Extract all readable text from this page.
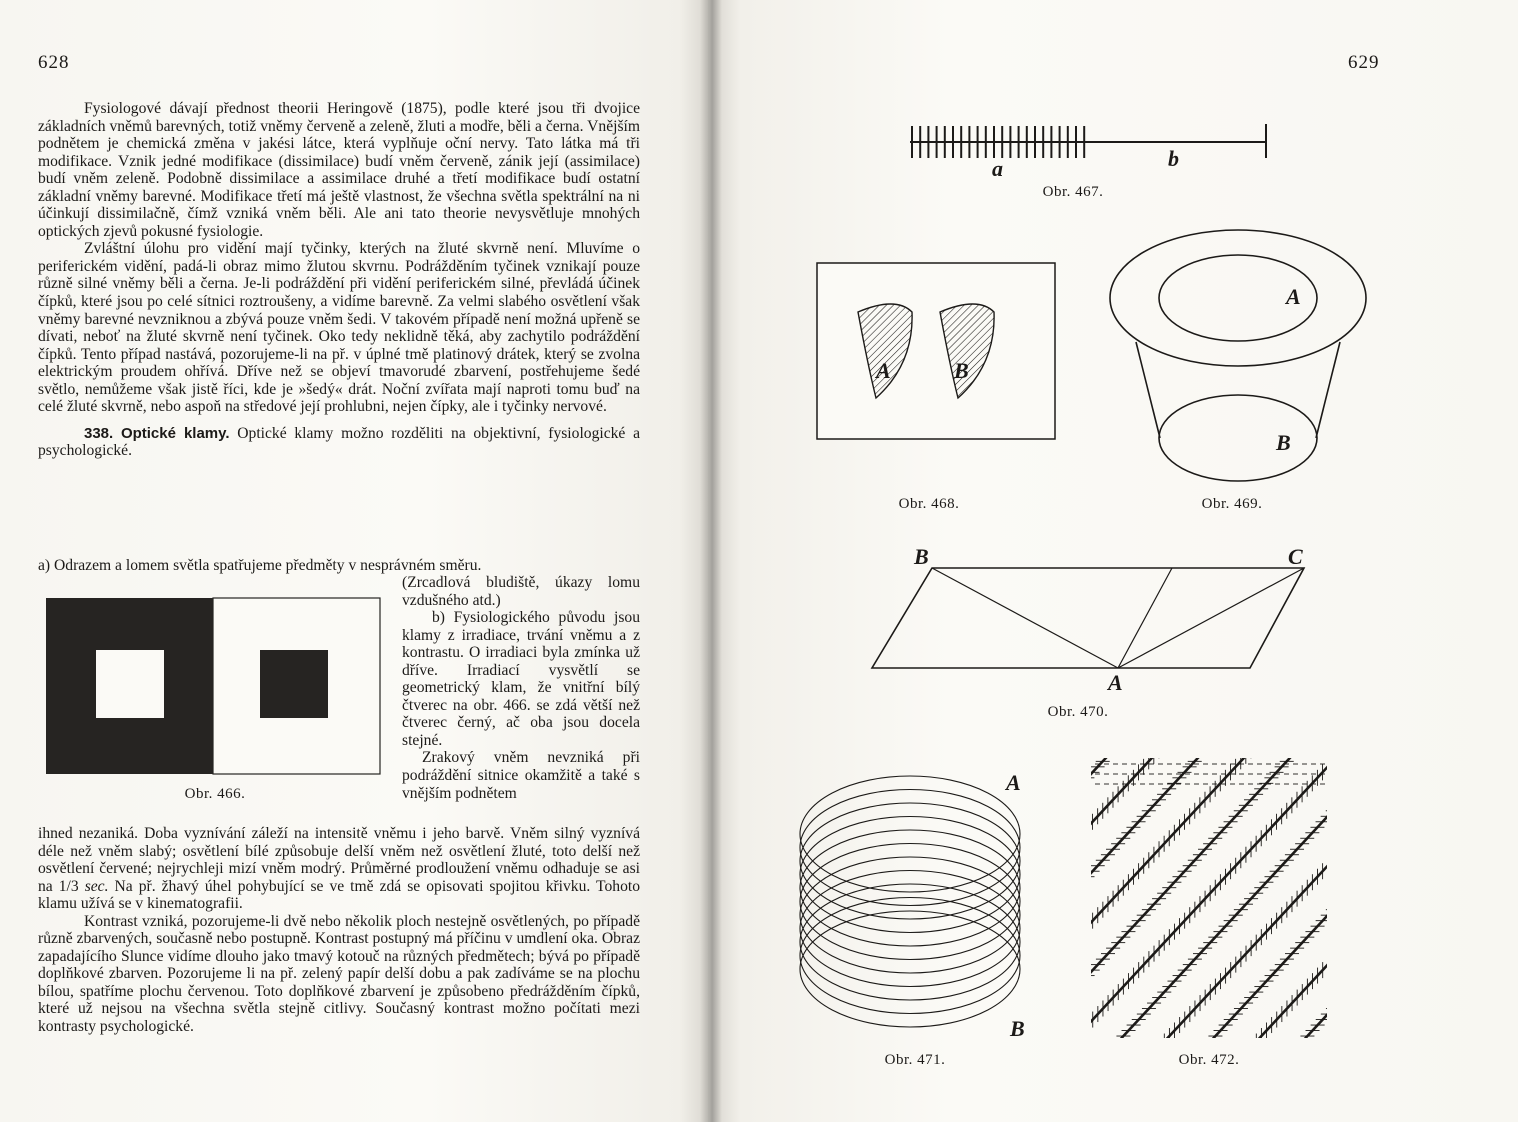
628

Fysiologové dávají přednost theorii Heringově (1875), podle které jsou tři dvojice základních vněmů barevných, totiž vněmy červeně a zeleně, žluti a modře, běli a černa. Vnějším podnětem je chemická změna v jakési látce, která vyplňuje oční nervy. Tato látka má tři modifikace. Vznik jedné modifikace (dissimilace) budí vněm červeně, zánik její (assimilace) budí vněm zeleně. Podobně dissimilace a assimilace druhé a třetí modifikace budí ostatní základní vněmy barevné. Modifikace třetí má ještě vlastnost, že všechna světla spektrální na ni účinkují dissimilačně, čímž vzniká vněm běli. Ale ani tato theorie nevysvětluje mnohých optických zjevů pokusné fysiologie.

Zvláštní úlohu pro vidění mají tyčinky, kterých na žluté skvrně není. Mluvíme o periferickém vidění, padá-li obraz mimo žlutou skvrnu. Podrážděním tyčinek vznikají pouze různě silné vněmy běli a černa. Je-li podráždění při vidění periferickém silné, převládá účinek čípků, které jsou po celé sítnici roztroušeny, a vidíme barevně. Za velmi slabého osvětlení však vněmy barevné nevzniknou a zbývá pouze vněm šedi. V takovém případě není možná upřeně se dívati, neboť na žluté skvrně není tyčinek. Oko tedy neklidně těká, aby zachytilo podráždění čípků. Tento případ nastává, pozorujeme-li na př. v úplné tmě platinový drátek, který se zvolna elektrickým proudem ohřívá. Dříve než se objeví tmavorudé zbarvení, postřehujeme šedé světlo, nemůžeme však jistě říci, kde je »šedý« drát. Noční zvířata mají naproti tomu buď na celé žluté skvrně, nebo aspoň na středové její prohlubni, nejen čípky, ale i tyčinky nervové.

338. Optické klamy. Optické klamy možno rozděliti na objektivní, fysiologické a psychologické.

a) Odrazem a lomem světla spatřujeme předměty v nesprávném směru.
Obr. 466.

(Zrcadlová bludiště, úkazy lomu vzdušného atd.)

b) Fysiologického původu jsou klamy z irradiace, trvání vněmu a z kontrastu. O irradiaci byla zmínka už dříve. Irradiací vysvětlí se geometrický klam, že vnitřní bílý čtverec na obr. 466. se zdá větší než čtverec černý, ač oba jsou docela stejné.

Zrakový vněm nevzniká při podráždění sitnice okamžitě a také s vnějším podnětem

ihned nezaniká. Doba vyznívání záleží na intensitě vněmu i jeho barvě. Vněm silný vyznívá déle než vněm slabý; osvětlení bílé způsobuje delší vněm než osvětlení žluté, toto delší než osvětlení červené; nejrychleji mizí vněm modrý. Průměrné prodloužení vněmu odhaduje se asi na 1/3 sec. Na př. žhavý úhel pohybující se ve tmě zdá se opisovati spojitou křivku. Tohoto klamu užívá se v kinematografii.

Kontrast vzniká, pozorujeme-li dvě nebo několik ploch nestejně osvětlených, po případě různě zbarvených, současně nebo postupně. Kontrast postupný má příčinu v umdlení oka. Obraz zapadajícího Slunce vidíme dlouho jako tmavý kotouč na různých předmětech; bývá po případě doplňkové zbarven. Pozorujeme li na př. zelený papír delší dobu a pak zadíváme se na plochu bílou, spatříme plochu červenou. Toto doplňkové zbarvení je způsobeno předrážděním čípků, které už nejsou na všechna světla stejně citlivy. Současný kontrast možno počítati mezi kontrasty psychologické.

629
a	b
Obr. 467.
A	B
Obr. 468.
A
B
Obr. 469.
B	C
A
Obr. 470.
A
B
Obr. 471.	Obr. 472.
